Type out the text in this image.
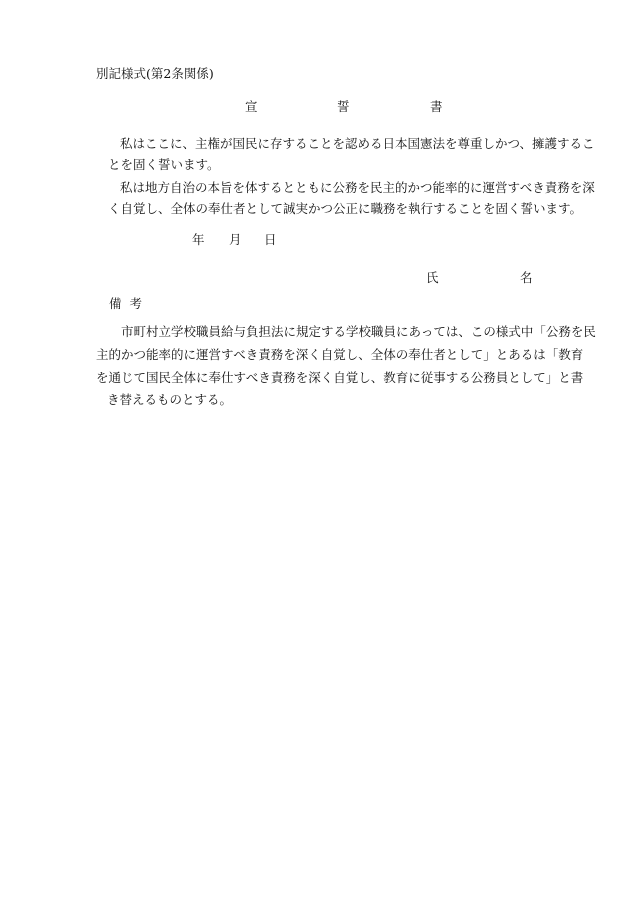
別記様式(第2条関係)

宣	誓	書

私はここに、主権が国民に存することを認める日本国憲法を尊重しかつ、擁護するこ

とを固く誓います。

私は地方自治の本旨を体するとともに公務を民主的かつ能率的に運営すべき責務を深

く自覚し、全体の奉仕者として誠実かつ公正に職務を執行することを固く誓います。

年 月 日
氏	名

備考

市町村立学校職員給与負担法に規定する学校職員にあっては、この様式中「公務を民

主的かつ能率的に運営すべき責務を深く自覚し、全体の奉仕者として」とあるは「教育

を通じて国民全体に奉仕すべき責務を深く自覚し、教育に従事する公務員として」と書

き替えるものとする。
